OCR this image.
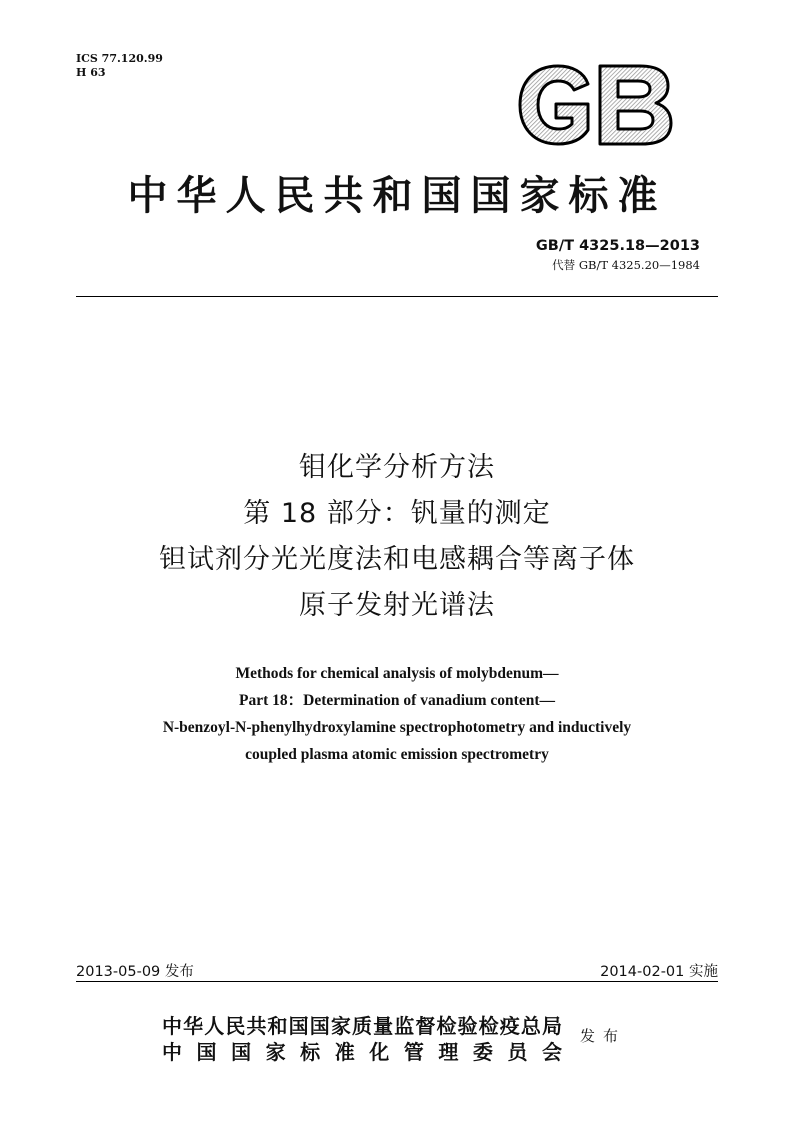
ICS 77.120.99
H 63
中华人民共和国国家标准
GB/T 4325.18—2013
代替 GB/T 4325.20—1984
钼化学分析方法
第 18 部分：钒量的测定
钽试剂分光光度法和电感耦合等离子体
原子发射光谱法
Methods for chemical analysis of molybdenum—
Part 18：Determination of vanadium content—
N-benzoyl-N-phenylhydroxylamine spectrophotometry and inductively
coupled plasma atomic emission spectrometry
2013-05-09 发布	2014-02-01 实施
中华人民共和国国家质量监督检验检疫总局
中国国家标准化管理委员会
发布
